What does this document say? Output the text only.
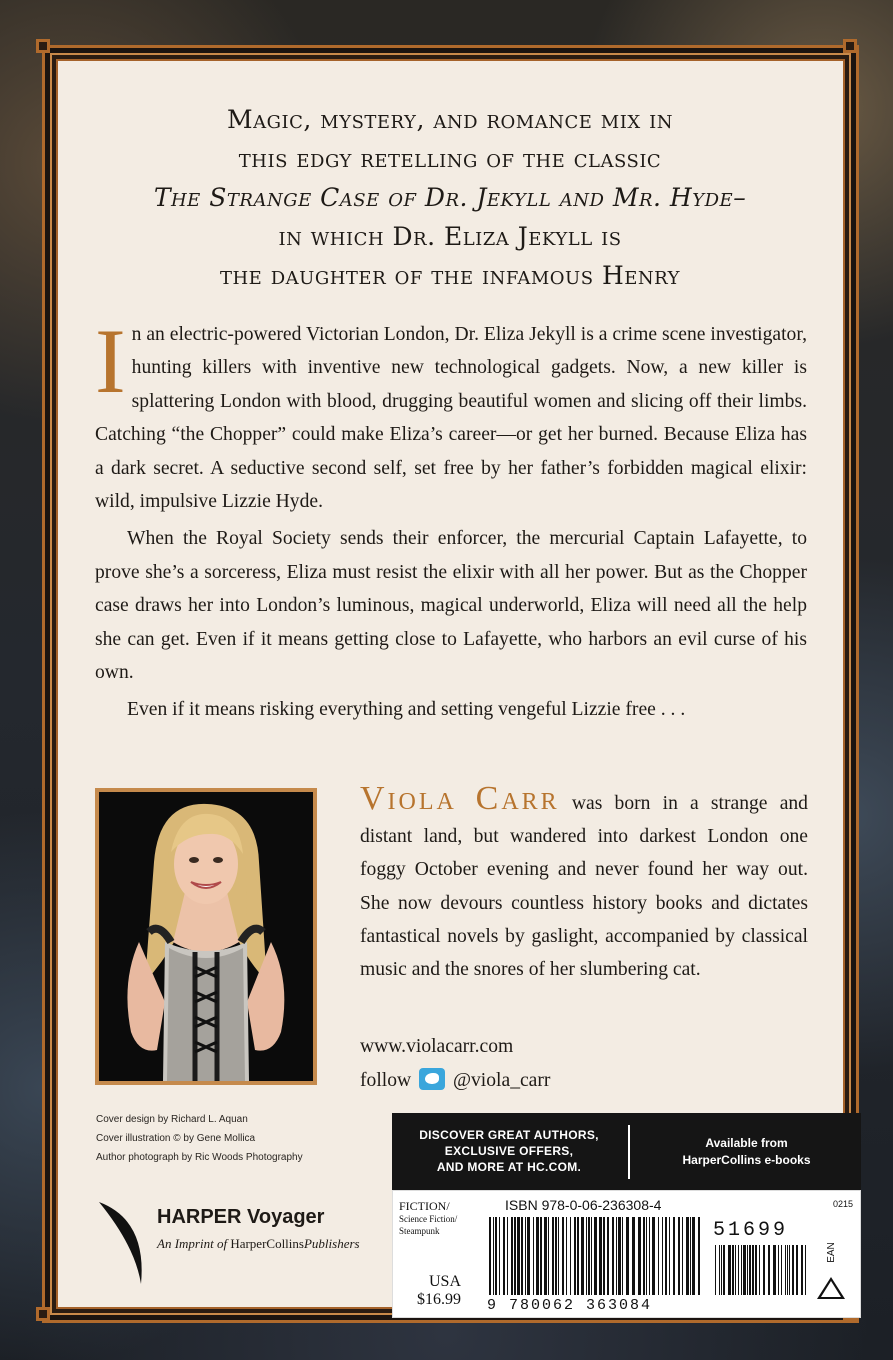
Magic, mystery, and romance mix in
this edgy retelling of the classic
The Strange Case of Dr. Jekyll and Mr. Hyde–
in which Dr. Eliza Jekyll is
the daughter of the infamous Henry

In an electric-powered Victorian London, Dr. Eliza Jekyll is a crime scene investigator, hunting killers with inventive new technological gadgets. Now, a new killer is splattering London with blood, drugging beautiful women and slicing off their limbs. Catching “the Chopper” could make Eliza’s career—or get her burned. Because Eliza has a dark secret. A seductive second self, set free by her father’s forbidden magical elixir: wild, impulsive Lizzie Hyde.

When the Royal Society sends their enforcer, the mercurial Captain Lafayette, to prove she’s a sorceress, Eliza must resist the elixir with all her power. But as the Chopper case draws her into London’s luminous, magical underworld, Eliza will need all the help she can get. Even if it means getting close to Lafayette, who harbors an evil curse of his own.

Even if it means risking everything and setting vengeful Lizzie free . . .

Viola Carr was born in a strange and distant land, but wandered into darkest London one foggy October evening and never found her way out. She now devours countless history books and dictates fantastical novels by gaslight, accompanied by classical music and the snores of her slumbering cat.
www.violacarr.com
follow @viola_carr
Cover design by Richard L. Aquan
Cover illustration © by Gene Mollica
Author photograph by Ric Woods Photography
HARPER Voyager
An Imprint of HarperCollinsPublishers
DISCOVER GREAT AUTHORS,
EXCLUSIVE OFFERS,
AND MORE AT HC.COM.
Available from
HarperCollins e-books
FICTION/
Science Fiction/
Steampunk
USA
$16.99
ISBN 978-0-06-236308-4	0215
51699
EAN
9 780062 363084
